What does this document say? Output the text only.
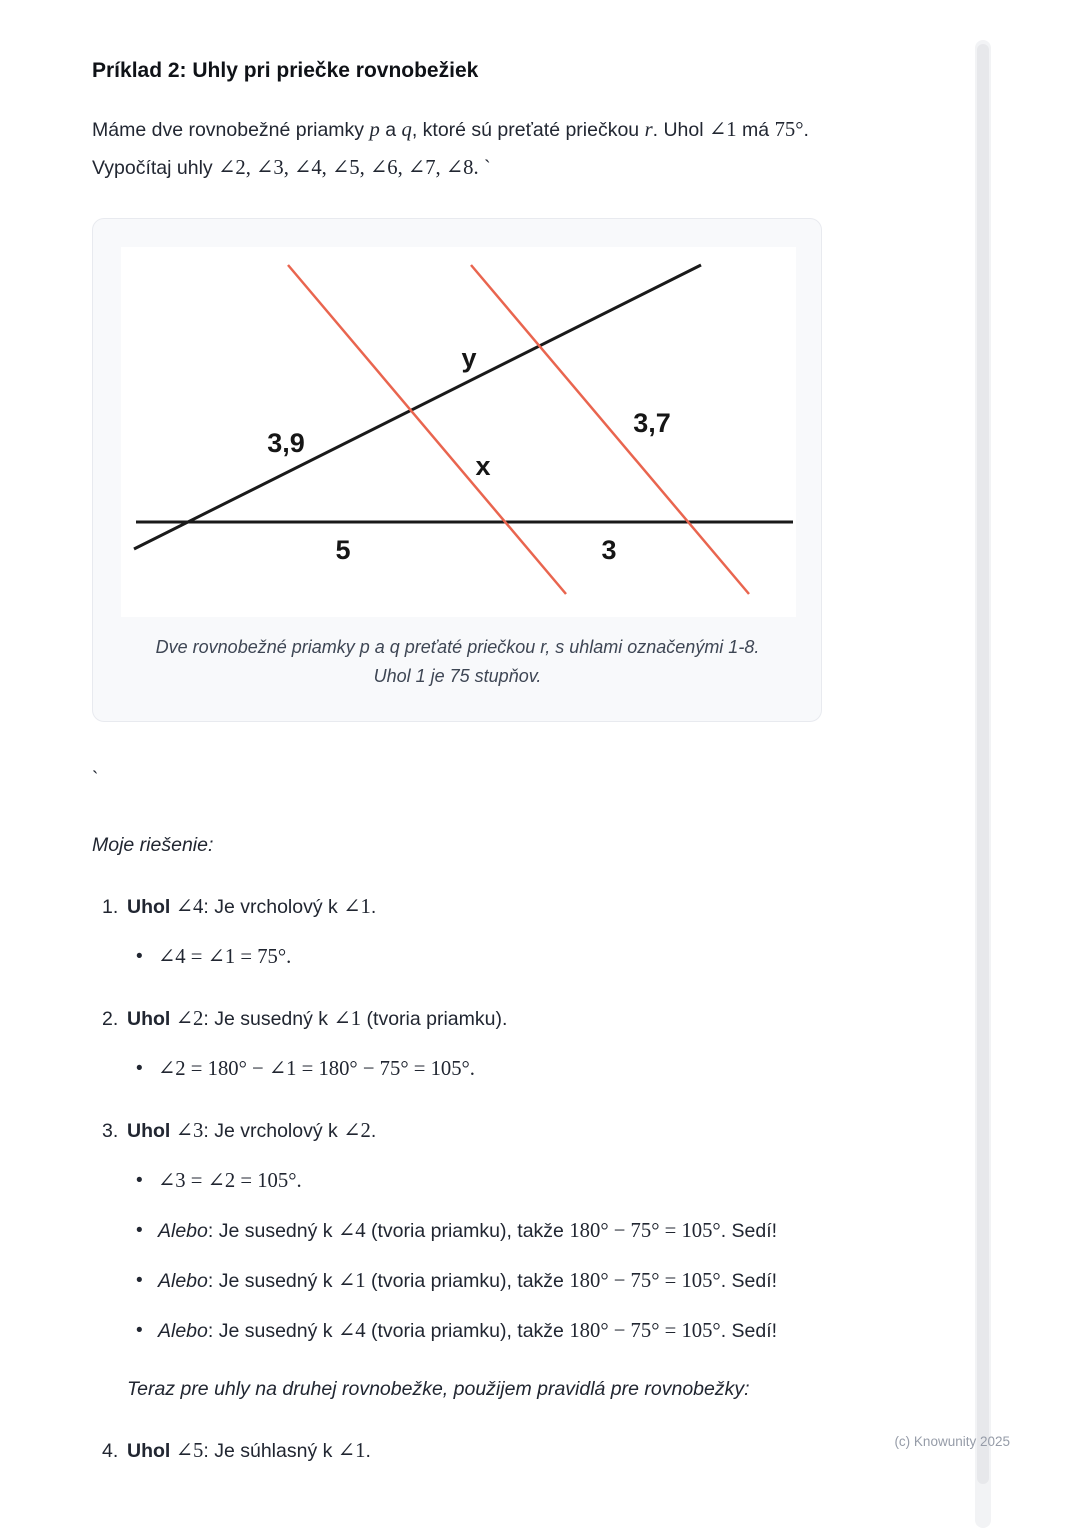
Príklad 2: Uhly pri priečke rovnobežiek

Máme dve rovnobežné priamky p a q, ktoré sú preťaté priečkou r. Uhol ∠1 má 75°. Vypočítaj uhly ∠2, ∠3, ∠4, ∠5, ∠6, ∠7, ∠8. `

y
3,9
3,7
x
5	3
Dve rovnobežné priamky p a q preťaté priečkou r, s uhlami označenými 1-8.
Uhol 1 je 75 stupňov.
`
Moje riešenie:
1. Uhol ∠4: Je vrcholový k ∠1.
• ∠4 = ∠1 = 75°.
2. Uhol ∠2: Je susedný k ∠1 (tvoria priamku).
• ∠2 = 180° − ∠1 = 180° − 75° = 105°.
3. Uhol ∠3: Je vrcholový k ∠2.
• ∠3 = ∠2 = 105°.
• Alebo: Je susedný k ∠4 (tvoria priamku), takže 180° − 75° = 105°. Sedí!
• Alebo: Je susedný k ∠1 (tvoria priamku), takže 180° − 75° = 105°. Sedí!
• Alebo: Je susedný k ∠4 (tvoria priamku), takže 180° − 75° = 105°. Sedí!
Teraz pre uhly na druhej rovnobežke, použijem pravidlá pre rovnobežky:
4. Uhol ∠5: Je súhlasný k ∠1.	(c) Knowunity 2025
